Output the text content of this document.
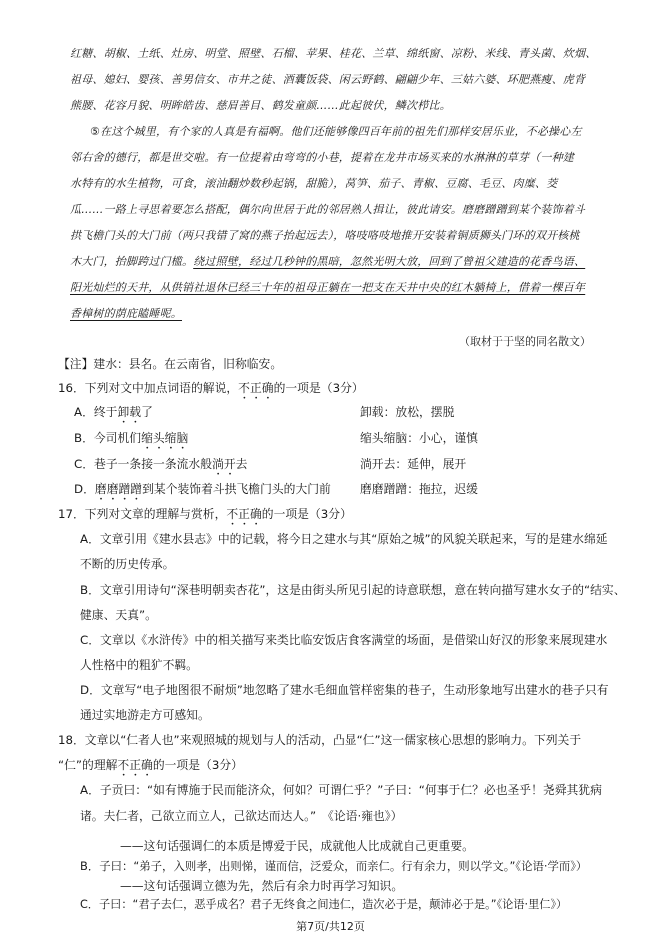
红糖、胡椒、土纸、灶房、明堂、照壁、石榴、苹果、桂花、兰草、绵纸窗、凉粉、米线、青头菌、炊烟、
祖母、媳妇、婴孩、善男信女、市井之徒、酒囊饭袋、闲云野鹤、翩翩少年、三姑六婆、环肥燕瘦、虎背
熊腰、花容月貌、明眸皓齿、慈眉善目、鹤发童颜……此起彼伏，鳞次栉比。
⑤在这个城里，有个家的人真是有福啊。他们还能够像四百年前的祖先们那样安居乐业，不必操心左
邻右舍的德行，都是世交啦。有一位提着由弯弯的小巷，提着在龙井市场买来的水淋淋的草芽（一种建
水特有的水生植物，可食，滚油翻炒数秒起锅，甜脆），莴笋、茄子、青椒、豆腐、毛豆、肉糜、茭
瓜……一路上寻思着要怎么搭配，偶尔向世居于此的邻居熟人揖让，彼此请安。磨磨蹭蹭到某个装饰着斗
拱飞檐门头的大门前（两只我错了窝的燕子抬起远去），咯吱咯吱地推开安装着铜质狮头门环的双开核桃
木大门，抬脚跨过门槛。绕过照壁，经过几秒钟的黑暗，忽然光明大放，回到了曾祖父建造的花香鸟语、
阳光灿烂的天井，从供销社退休已经三十年的祖母正躺在一把支在天井中央的红木躺椅上，借着一棵百年
香樟树的荫庇瞌睡呢。
（取材于于坚的同名散文）
【注】建水：县名。在云南省，旧称临安。
16．下列对文中加点词语的解说，不正确的一项是（3分）
A．终于卸载了	卸载：放松，摆脱
B．今司机们缩头缩脑	缩头缩脑：小心，谨慎
C．巷子一条接一条流水般淌开去	淌开去：延伸，展开
D．磨磨蹭蹭到某个装饰着斗拱飞檐门头的大门前 磨磨蹭蹭：拖拉，迟缓
17．下列对文章的理解与赏析，不正确的一项是（3分）
A．文章引用《建水县志》中的记载，将今日之建水与其“原始之城”的风貌关联起来，写的是建水绵延
不断的历史传承。
B．文章引用诗句“深巷明朝卖杏花”，这是由街头所见引起的诗意联想，意在转向描写建水女子的“结实、
健康、天真”。
C．文章以《水浒传》中的相关描写来类比临安饭店食客满堂的场面，是借梁山好汉的形象来展现建水
人性格中的粗犷不羁。
D．文章写“电子地图很不耐烦”地忽略了建水毛细血管样密集的巷子，生动形象地写出建水的巷子只有
通过实地游走方可感知。
18．文章以“仁者人也”来观照城的规划与人的活动，凸显“仁”这一儒家核心思想的影响力。下列关于
“仁”的理解不正确的一项是（3分）
A．子贡曰：“如有博施于民而能济众，何如？可谓仁乎？”子曰：“何事于仁？必也圣乎！尧舜其犹病
诸。夫仁者，己欲立而立人，己欲达而达人。”　《论语·雍也》）
——这句话强调仁的本质是博爱于民，成就他人比成就自己更重要。
B．子曰：“弟子，入则孝，出则悌，谨而信，泛爱众，而亲仁。行有余力，则以学文。”《论语·学而》）
——这句话强调立德为先，然后有余力时再学习知识。
C．子曰：“君子去仁，恶乎成名？君子无终食之间违仁，造次必于是，颠沛必于是。”《论语·里仁》）
第7页/共12页
